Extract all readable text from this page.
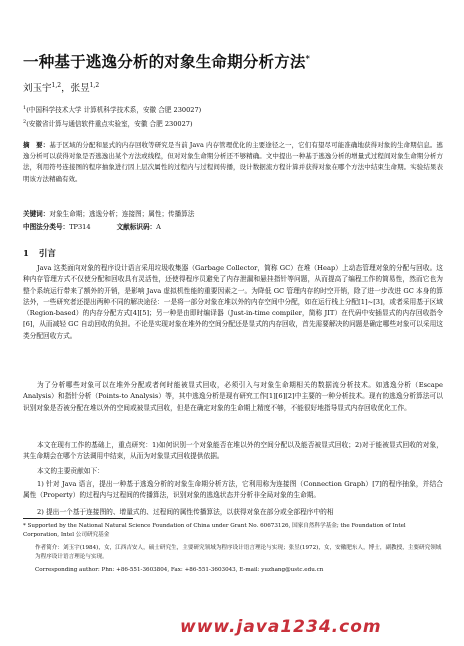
一种基于逃逸分析的对象生命期分析方法*
刘玉宇$^{1,2}$，张昱$^{1,2}$
$^1$(中国科学技术大学 计算机科学技术系，安徽 合肥 230027)
$^2$(安徽省计算与通信软件重点实验室，安徽 合肥 230027)
摘　要：基于区域的分配和显式的内存回收等研究是当前 Java 内存管理优化的主要途径之一，它们有望尽可能准确地获得对象的生命期信息。逃逸分析可以获得对象是否逃逸出某个方法或线程，但对对象生命期分析还不够精确。文中提出一种基于逃逸分析的增量式过程间对象生命期分析方法，利用符号连接图的程序抽象进行因上层次属性的过程内与过程间传播，设计数据流方程计算并获得对象在哪个方法中结束生命期。实验结果表明该方法精确有效。
关键词：对象生命期；逃逸分析；连接图；属性；传播算法
中图法分类号：TP314	文献标识码：A
1 引言
Java 这类面向对象的程序设计语言采用垃圾收集器（Garbage Collector，简称 GC）在堆（Heap）上动态管理对象的分配与回收。这种内存管理方式不仅使分配和回收具有灵活性，还使得程序员避免了内存泄漏和悬挂指针等问题，从而提高了编程工作的简易性，然而它也为整个系统运行带来了额外的开销，是影响 Java 虚拟机性能的重要因素之一。为降低 GC 管理内存的时空开销，除了进一步改进 GC 本身的算法外，一些研究者还提出两种不同的解决途径：一是将一部分对象在堆以外的内存空间中分配，如在运行栈上分配[1]~[3]，或者采用基于区域（Region-based）的内存分配方式[4][5]；另一种是由即时编译器（Just-in-time compiler，简称 JIT）在代码中安插显式的内存回收指令[6]，从而减轻 GC 自动回收的负担。不论是实现对象在堆外的空间分配还是显式的内存回收，首先需要解决的问题是确定哪些对象可以采用这类分配回收方式。
为了分析哪些对象可以在堆外分配或者何时能被显式回收，必须引入与对象生命期相关的数据流分析技术。如逃逸分析（Escape Analysis）和指针分析（Points-to Analysis）等，其中逃逸分析是现有研究工作[1][6][2]中主要的一种分析技术。现有的逃逸分析算法可以识别对象是否被分配在堆以外的空间或被显式回收，但是在确定对象的生命期上精度不够，不能很好地指导显式内存回收优化工作。
本文在现有工作的基础上，重点研究：1)如何识别一个对象能否在堆以外的空间分配以及能否被显式回收；2)对于能被显式回收的对象，其生命期会在哪个方法调用中结束，从而为对象显式回收提供依据。
本文的主要贡献如下：
1) 针对 Java 语言，提出一种基于逃逸分析的对象生命期分析方法，它利用称为连接图（Connection Graph）[7]的程序抽象，并结合属性（Property）的过程内与过程间的传播算法，识别对象的逃逸状态并分析非全局对象的生命期。
2) 提出一个基于连接图的、增量式的、过程间的属性传播算法，以获得对象在部分或全部程序中的相
* Supported by the National Natural Science Foundation of China under Grant No. 60673126, 国家自然科学基金; the Foundation of Intel Corporation, Intel 公司研究基金
作者简介：刘玉宇(1984)，女，江西吉安人，硕士研究生，主要研究领域为程序设计语言理论与实现；张昱(1972)，女，安徽肥东人，博士，副教授，主要研究领域为程序设计语言理论与实现。
Corresponding author: Phn: +86-551-3603804, Fax: +86-551-3603043, E-mail: yuzhang@ustc.edu.cn
www.java1234.com
